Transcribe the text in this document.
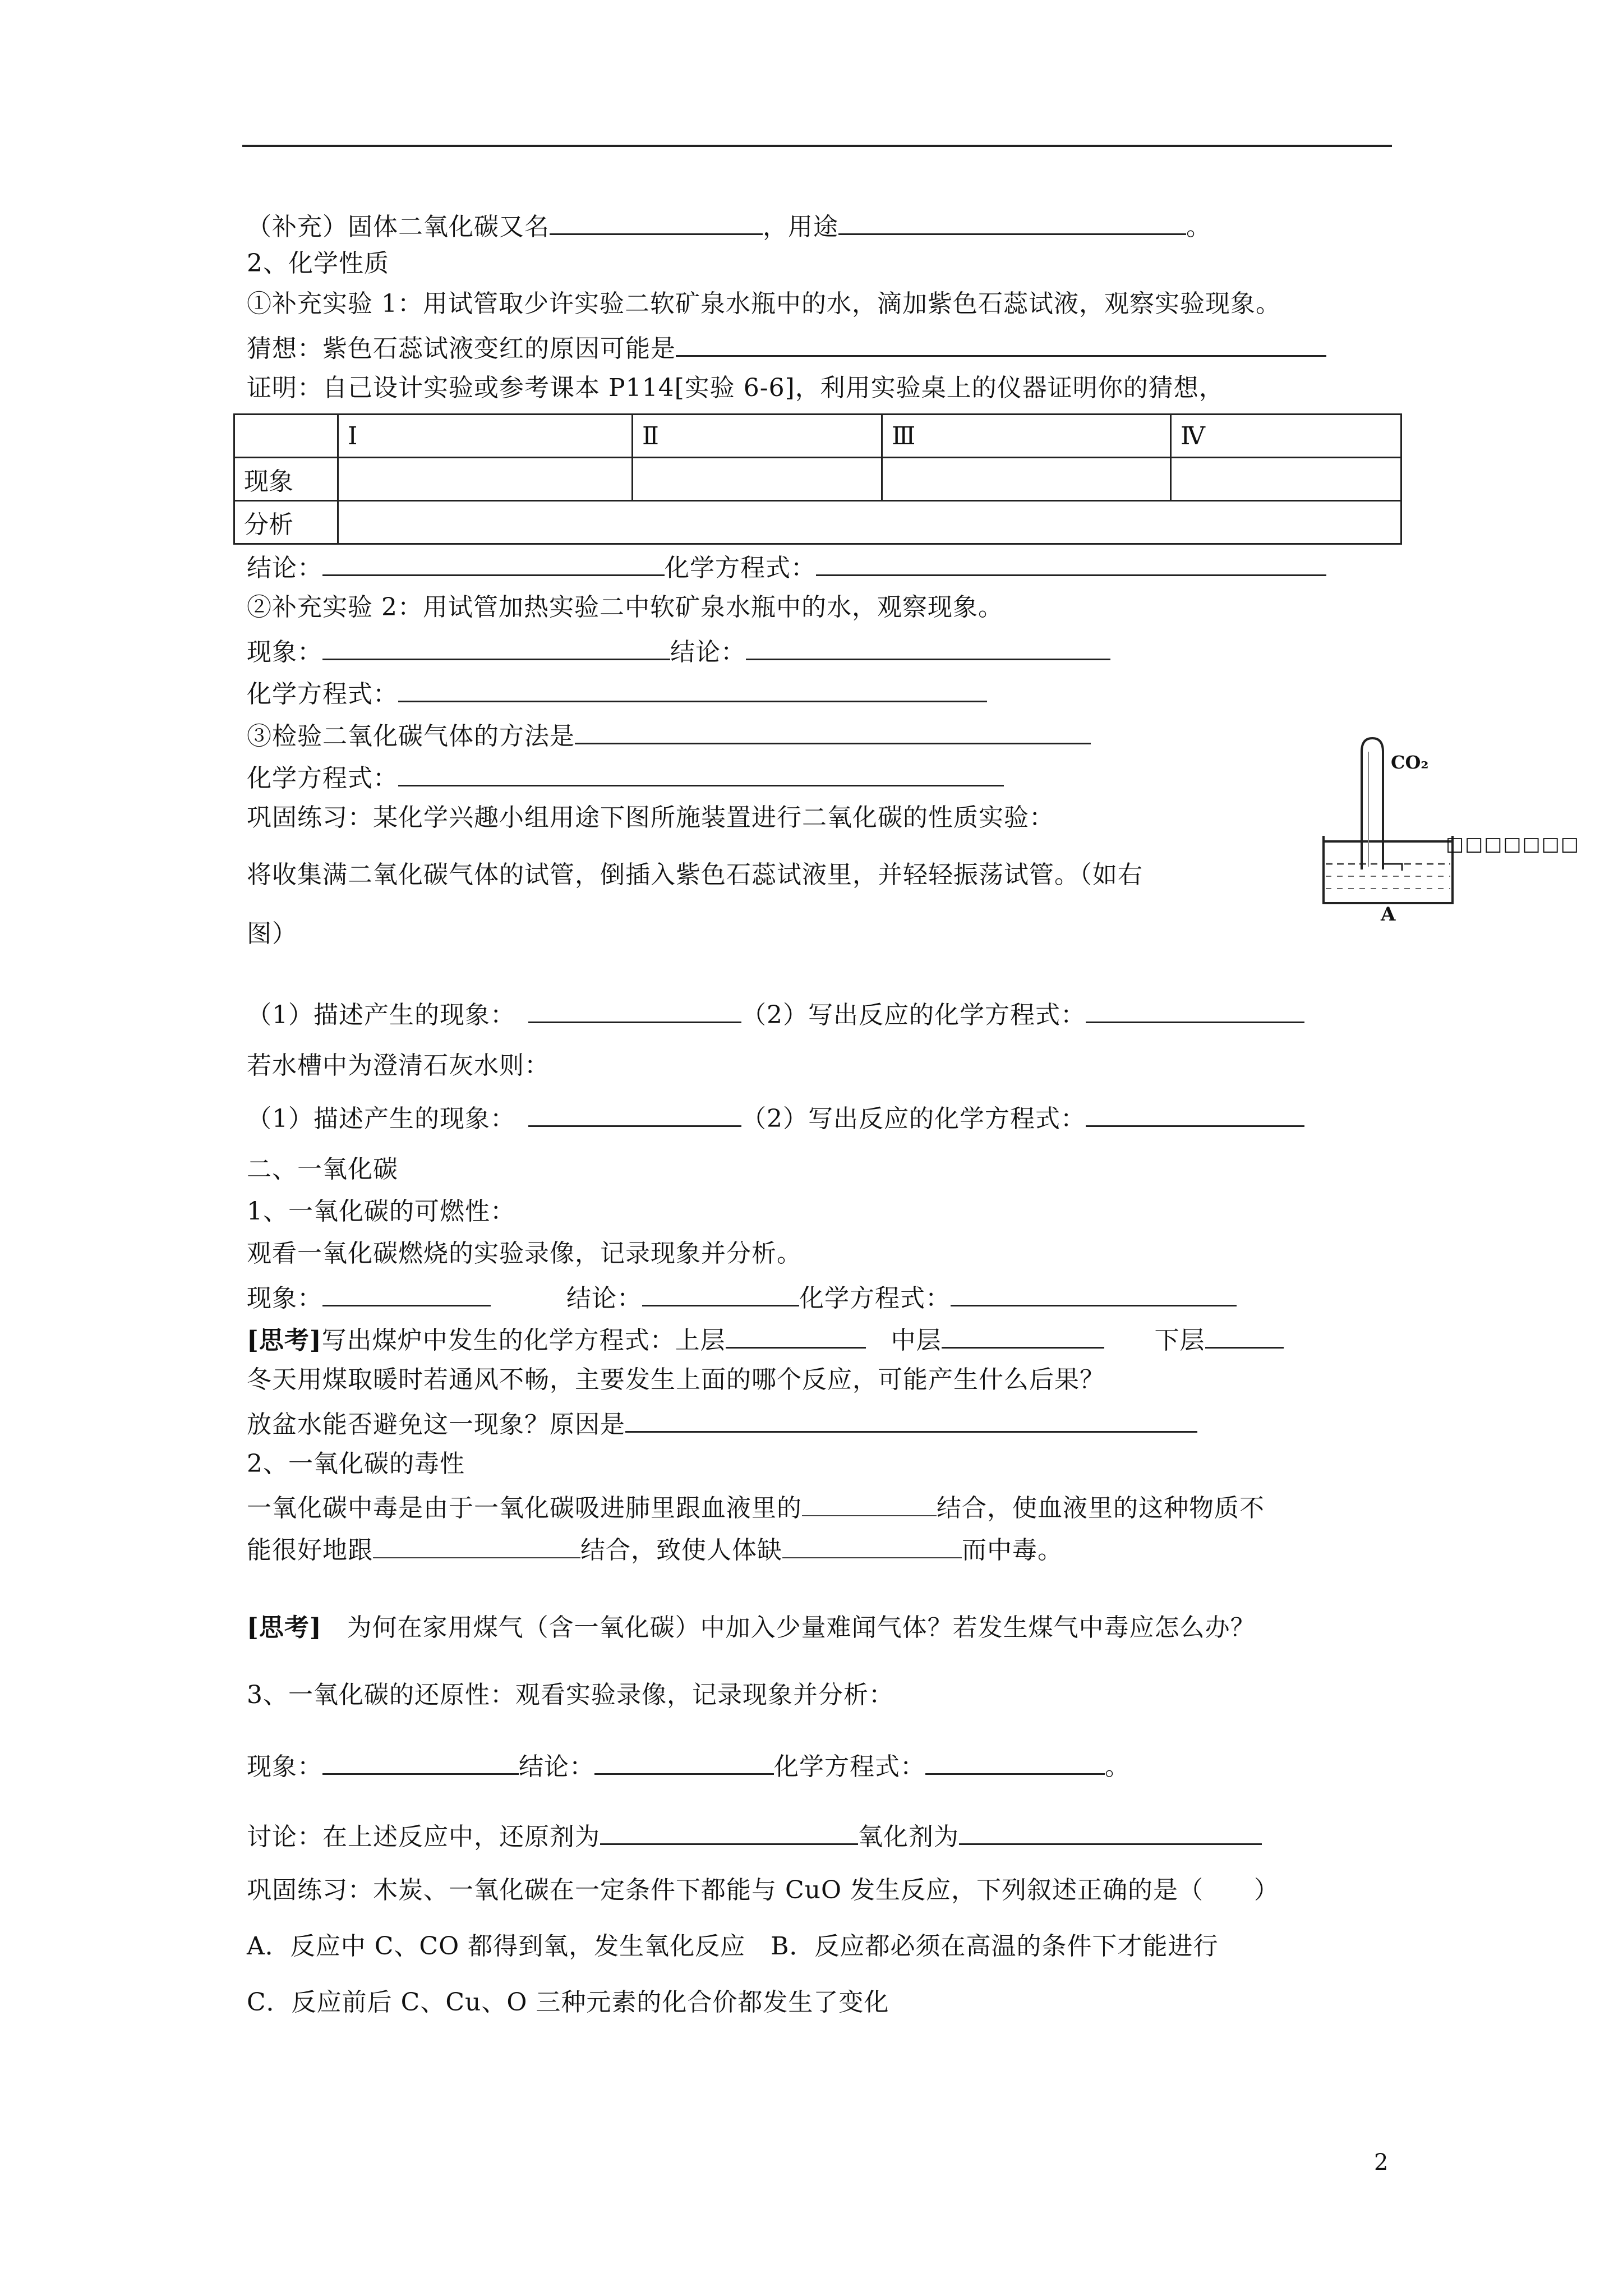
（补充）固体二氧化碳又名	，用途	。
2、化学性质
①补充实验 1：用试管取少许实验二软矿泉水瓶中的水，滴加紫色石蕊试液，观察实验现象。
猜想：紫色石蕊试液变红的原因可能是
证明：自己设计实验或参考课本 P114[实验 6-6]，利用实验桌上的仪器证明你的猜想，
	Ⅰ	Ⅱ	Ⅲ	Ⅳ
现象				
分析				
结论：	化学方程式：
②补充实验 2：用试管加热实验二中软矿泉水瓶中的水，观察现象。
现象：	结论：
化学方程式：
③检验二氧化碳气体的方法是
化学方程式：
巩固练习：某化学兴趣小组用途下图所施装置进行二氧化碳的性质实验：
将收集满二氧化碳气体的试管，倒插入紫色石蕊试液里，并轻轻振荡试管。（如右
图）
CO₂
□□□□□□□
A
（1）描述产生的现象：　	（2）写出反应的化学方程式：
若水槽中为澄清石灰水则：
（1）描述产生的现象：　	（2）写出反应的化学方程式：
二、一氧化碳
1、一氧化碳的可燃性：
观看一氧化碳燃烧的实验录像，记录现象并分析。
现象：　　　	结论：	化学方程式：
[思考]写出煤炉中发生的化学方程式：上层　	中层　　	下层
冬天用煤取暖时若通风不畅，主要发生上面的哪个反应，可能产生什么后果？
放盆水能否避免这一现象？原因是
2、一氧化碳的毒性
一氧化碳中毒是由于一氧化碳吸进肺里跟血液里的	结合，使血液里的这种物质不
能很好地跟	结合，致使人体缺	而中毒。
[思考]　为何在家用煤气（含一氧化碳）中加入少量难闻气体？若发生煤气中毒应怎么办？
3、一氧化碳的还原性：观看实验录像，记录现象并分析：
现象：	结论：	化学方程式：	。
讨论：在上述反应中，还原剂为	氧化剂为
巩固练习：木炭、一氧化碳在一定条件下都能与 CuO 发生反应，下列叙述正确的是（　　）
A．反应中 C、CO 都得到氧，发生氧化反应　B．反应都必须在高温的条件下才能进行
C．反应前后 C、Cu、O 三种元素的化合价都发生了变化
2
